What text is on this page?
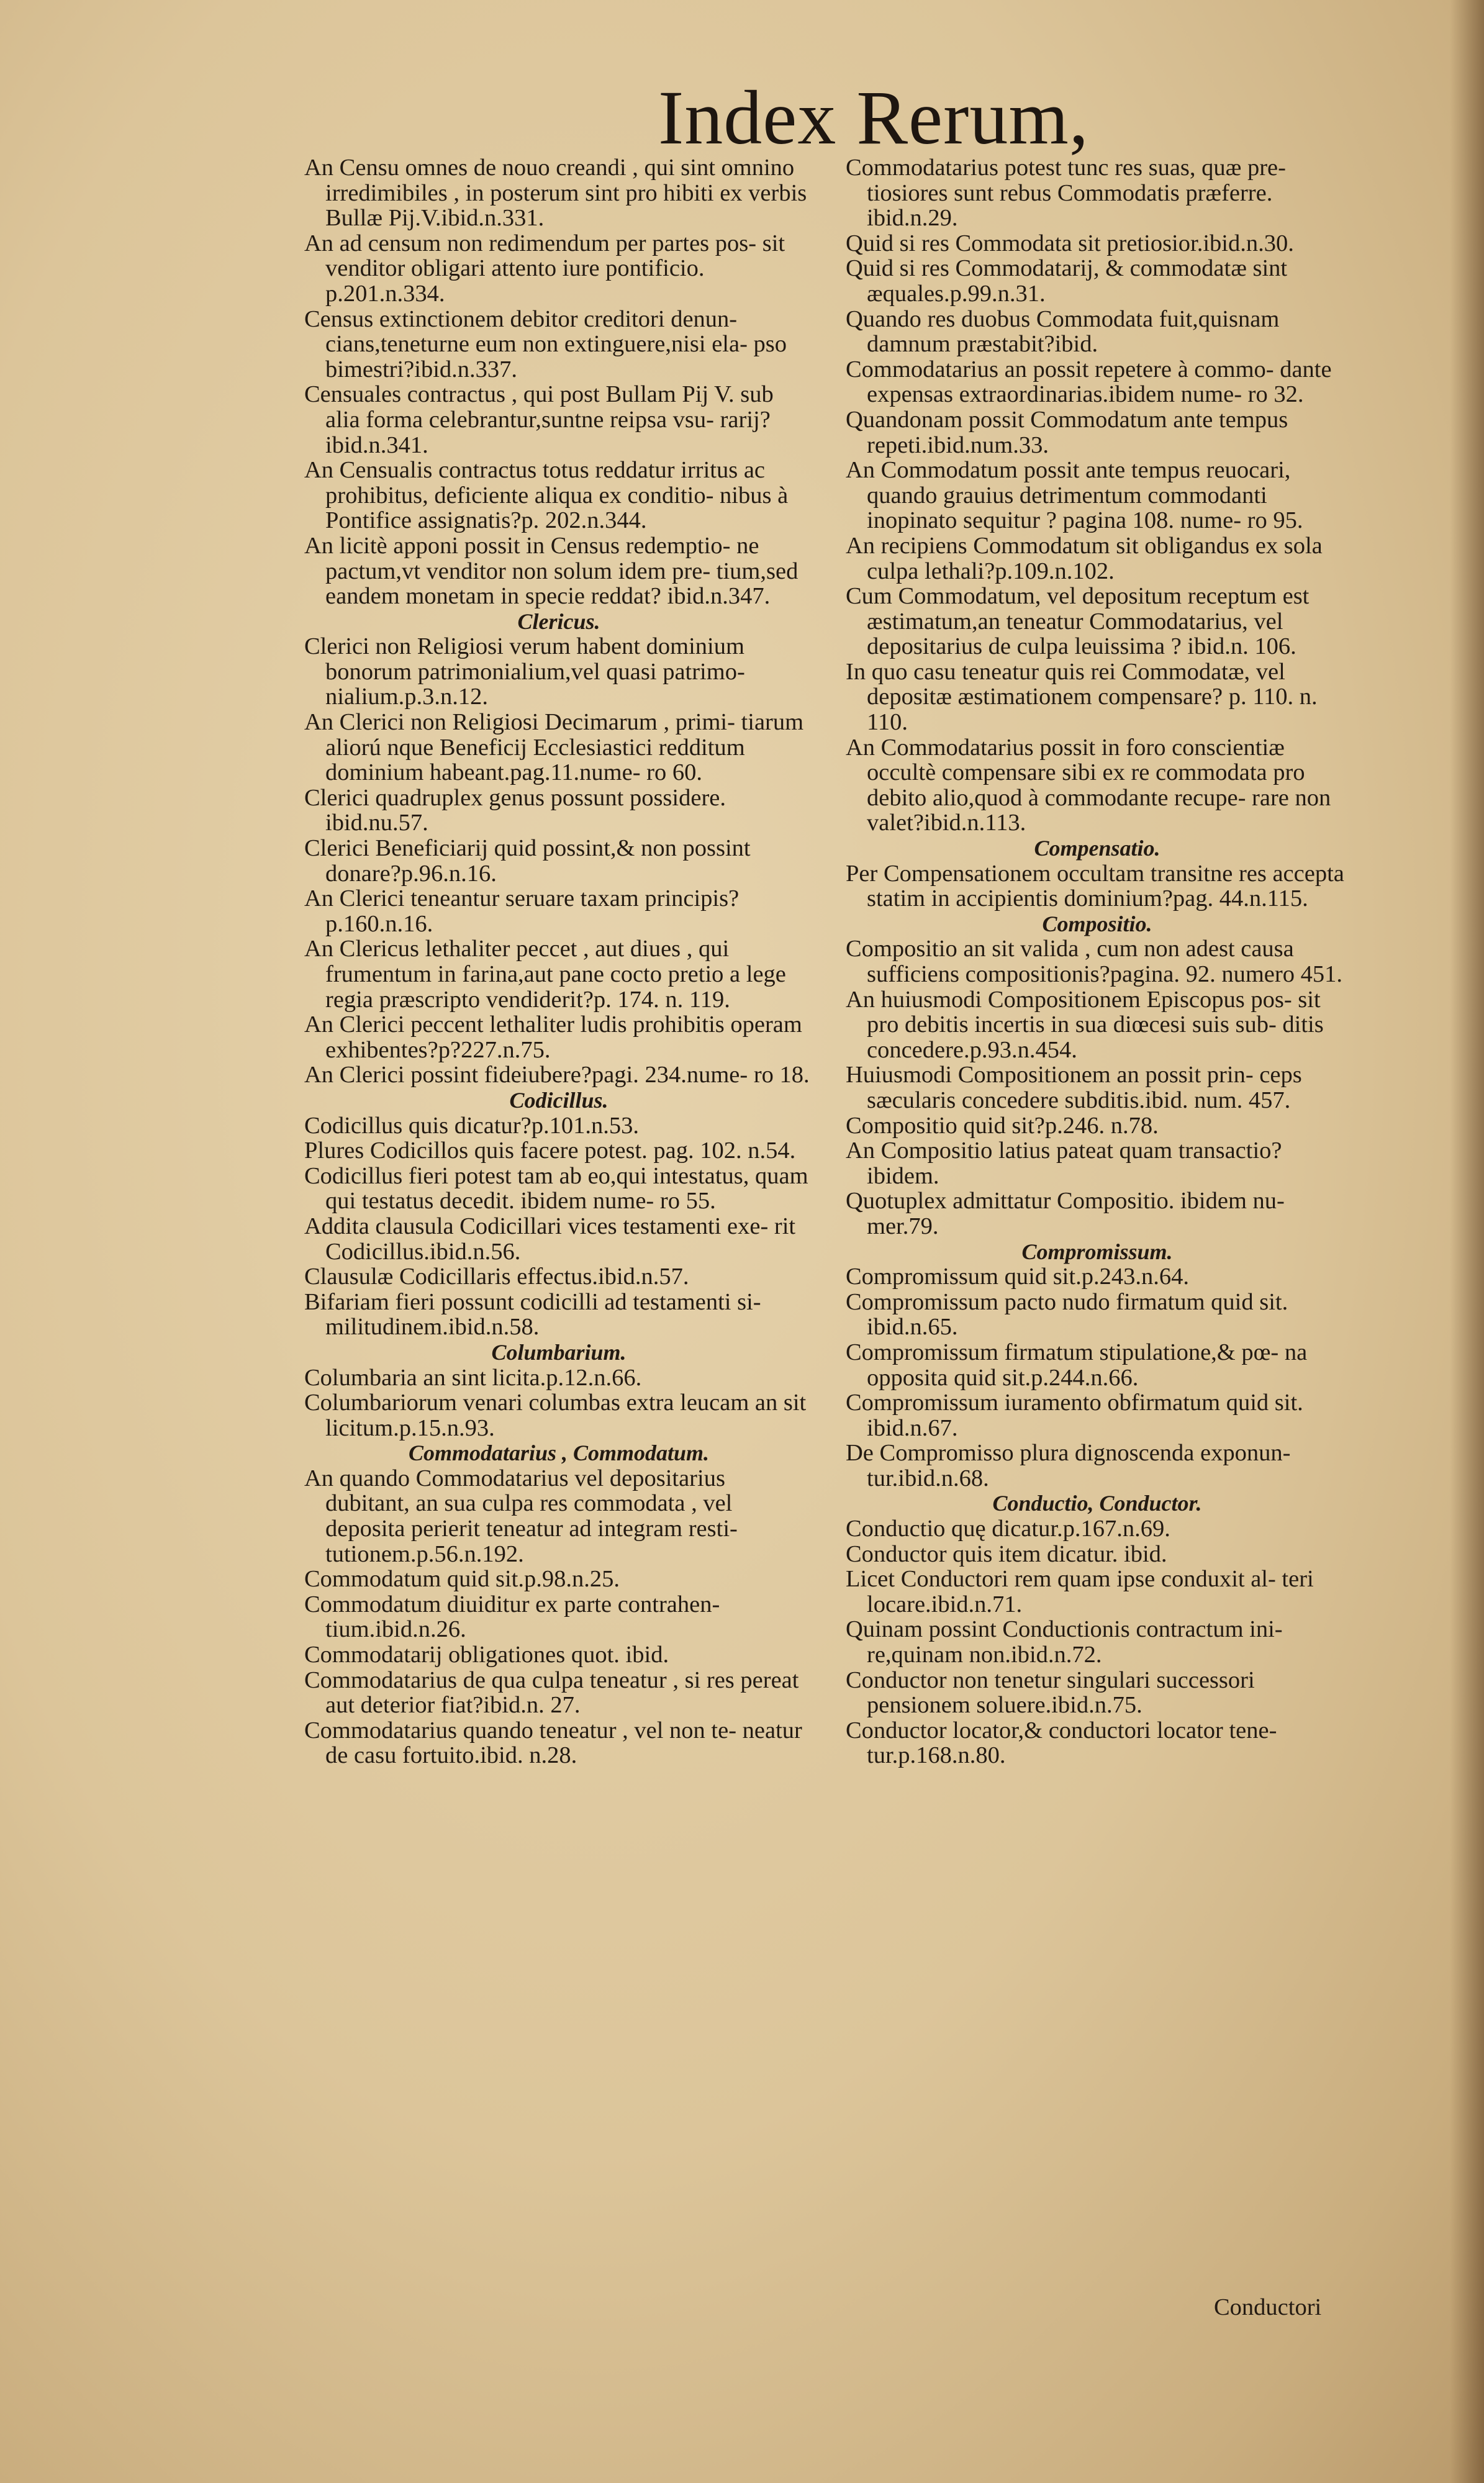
Index Rerum,
An Censu omnes de nouo creandi , qui sint omnino irredimibiles , in posterum sint pro hibiti ex verbis Bullæ Pij.V.ibid.n.331.
An ad censum non redimendum per partes pos- sit venditor obligari attento iure pontificio. p.201.n.334.
Census extinctionem debitor creditori denun- cians,teneturne eum non extinguere,nisi ela- pso bimestri?ibid.n.337.
Censuales contractus , qui post Bullam Pij V. sub alia forma celebrantur,suntne reipsa vsu- rarij?ibid.n.341.
An Censualis contractus totus reddatur irritus ac prohibitus, deficiente aliqua ex conditio- nibus à Pontifice assignatis?p. 202.n.344.
An licitè apponi possit in Census redemptio- ne pactum,vt venditor non solum idem pre- tium,sed eandem monetam in specie reddat? ibid.n.347.
Clericus.
Clerici non Religiosi verum habent dominium bonorum patrimonialium,vel quasi patrimo- nialium.p.3.n.12.
An Clerici non Religiosi Decimarum , primi- tiarum aliorú nque Beneficij Ecclesiastici redditum dominium habeant.pag.11.nume- ro 60.
Clerici quadruplex genus possunt possidere. ibid.nu.57.
Clerici Beneficiarij quid possint,& non possint donare?p.96.n.16.
An Clerici teneantur seruare taxam principis? p.160.n.16.
An Clericus lethaliter peccet , aut diues , qui frumentum in farina,aut pane cocto pretio a lege regia præscripto vendiderit?p. 174. n. 119.
An Clerici peccent lethaliter ludis prohibitis operam exhibentes?p?227.n.75.
An Clerici possint fideiubere?pagi. 234.nume- ro 18.
Codicillus.
Codicillus quis dicatur?p.101.n.53.
Plures Codicillos quis facere potest. pag. 102. n.54.
Codicillus fieri potest tam ab eo,qui intestatus, quam qui testatus decedit. ibidem nume- ro 55.
Addita clausula Codicillari vices testamenti exe- rit Codicillus.ibid.n.56.
Clausulæ Codicillaris effectus.ibid.n.57.
Bifariam fieri possunt codicilli ad testamenti si- militudinem.ibid.n.58.
Columbarium.
Columbaria an sint licita.p.12.n.66.
Columbariorum venari columbas extra leucam an sit licitum.p.15.n.93.
Commodatarius , Commodatum.
An quando Commodatarius vel depositarius dubitant, an sua culpa res commodata , vel deposita perierit teneatur ad integram resti- tutionem.p.56.n.192.
Commodatum quid sit.p.98.n.25.
Commodatum diuiditur ex parte contrahen- tium.ibid.n.26.
Commodatarij obligationes quot. ibid.
Commodatarius de qua culpa teneatur , si res pereat aut deterior fiat?ibid.n. 27.
Commodatarius quando teneatur , vel non te- neatur de casu fortuito.ibid. n.28.
Commodatarius potest tunc res suas, quæ pre- tiosiores sunt rebus Commodatis præferre. ibid.n.29.
Quid si res Commodata sit pretiosior.ibid.n.30.
Quid si res Commodatarij, & commodatæ sint æquales.p.99.n.31.
Quando res duobus Commodata fuit,quisnam damnum præstabit?ibid.
Commodatarius an possit repetere à commo- dante expensas extraordinarias.ibidem nume- ro 32.
Quandonam possit Commodatum ante tempus repeti.ibid.num.33.
An Commodatum possit ante tempus reuocari, quando grauius detrimentum commodanti inopinato sequitur ? pagina 108. nume- ro 95.
An recipiens Commodatum sit obligandus ex sola culpa lethali?p.109.n.102.
Cum Commodatum, vel depositum receptum est æstimatum,an teneatur Commodatarius, vel depositarius de culpa leuissima ? ibid.n. 106.
In quo casu teneatur quis rei Commodatæ, vel depositæ æstimationem compensare? p. 110. n. 110.
An Commodatarius possit in foro conscientiæ occultè compensare sibi ex re commodata pro debito alio,quod à commodante recupe- rare non valet?ibid.n.113.
Compensatio.
Per Compensationem occultam transitne res accepta statim in accipientis dominium?pag. 44.n.115.
Compositio.
Compositio an sit valida , cum non adest causa sufficiens compositionis?pagina. 92. numero 451.
An huiusmodi Compositionem Episcopus pos- sit pro debitis incertis in sua diœcesi suis sub- ditis concedere.p.93.n.454.
Huiusmodi Compositionem an possit prin- ceps sæcularis concedere subditis.ibid. num. 457.
Compositio quid sit?p.246. n.78.
An Compositio latius pateat quam transactio? ibidem.
Quotuplex admittatur Compositio. ibidem nu- mer.79.
Compromissum.
Compromissum quid sit.p.243.n.64.
Compromissum pacto nudo firmatum quid sit. ibid.n.65.
Compromissum firmatum stipulatione,& pœ- na opposita quid sit.p.244.n.66.
Compromissum iuramento obfirmatum quid sit. ibid.n.67.
De Compromisso plura dignoscenda exponun- tur.ibid.n.68.
Conductio, Conductor.
Conductio quę dicatur.p.167.n.69.
Conductor quis item dicatur. ibid.
Licet Conductori rem quam ipse conduxit al- teri locare.ibid.n.71.
Quinam possint Conductionis contractum ini- re,quinam non.ibid.n.72.
Conductor non tenetur singulari successori pensionem soluere.ibid.n.75.
Conductor locator,& conductori locator tene- tur.p.168.n.80.
Conductori
